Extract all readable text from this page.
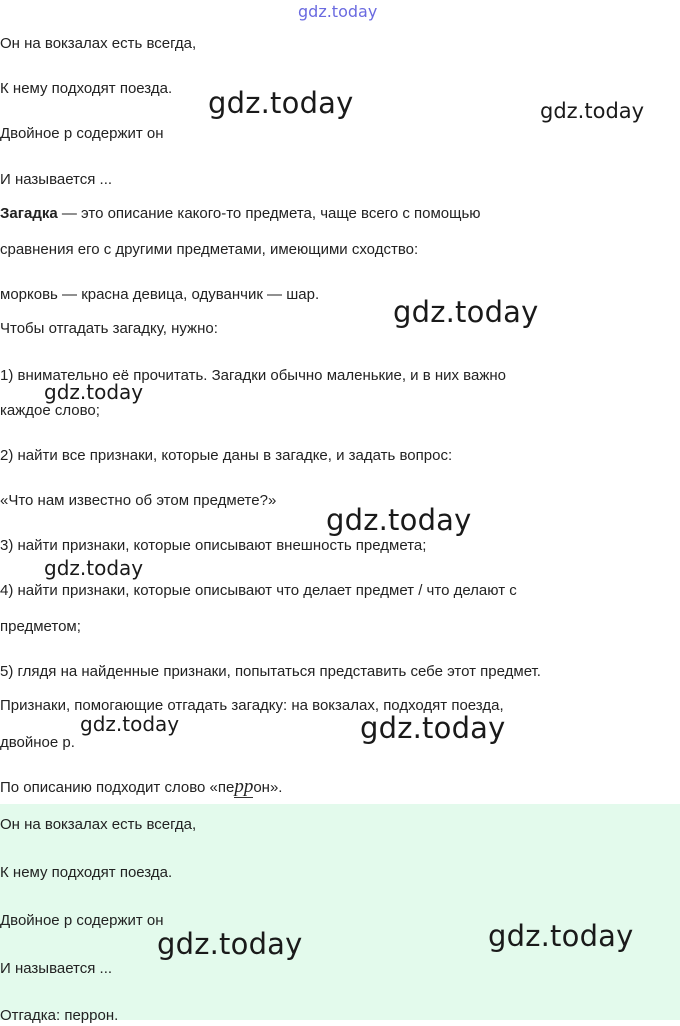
gdz.today
Он на вокзалах есть всегда,
К нему подходят поезда.
Двойное р содержит он
И называется ...
Загадка — это описание какого-то предмета, чаще всего с помощью
сравнения его с другими предметами, имеющими сходство:
морковь — красна девица, одуванчик — шар.
Чтобы отгадать загадку, нужно:
1) внимательно её прочитать. Загадки обычно маленькие, и в них важно
каждое слово;
2) найти все признаки, которые даны в загадке, и задать вопрос:
«Что нам известно об этом предмете?»
3) найти признаки, которые описывают внешность предмета;
4) найти признаки, которые описывают что делает предмет / что делают с
предметом;
5) глядя на найденные признаки, попытаться представить себе этот предмет.
Признаки, помогающие отгадать загадку: на вокзалах, подходят поезда,
двойное р.
По описанию подходит слово «перрон».
Он на вокзалах есть всегда,
К нему подходят поезда.
Двойное р содержит он
И называется ...
Отгадка: перрон.
gdz.today	gdz.today
gdz.today
gdz.today
gdz.today
gdz.today
gdz.today	gdz.today
gdz.today
gdz.today
